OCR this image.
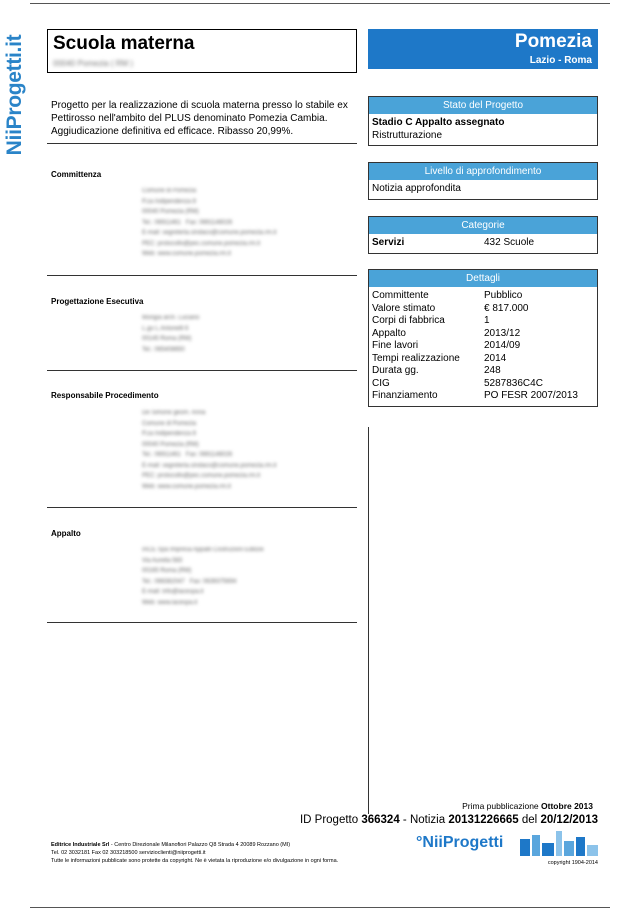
NiiProgetti.it Scuola materna
00040 Pomezia ( RM )
Pomezia
Lazio - Roma
Progetto per la realizzazione di scuola materna presso lo stabile ex Pettirosso nell'ambito del PLUS denominato Pomezia Cambia. Aggiudicazione definitiva ed efficace. Ribasso 20,99%.
Committenza
Comune di Pomezia
P.za Indipendenza 8
00040 Pomezia (RM)
Tel.: 06911461   Fax: 0691146026
E-mail: segreteria.sindaco@comune.pomezia.rm.it
PEC: protocollo@pec.comune.pomezia.rm.it
Web: www.comune.pomezia.rm.it
Progettazione Esecutiva
Mongia arch. Luciano
L.go L.Antonelli 6
00145 Roma (RM)
Tel.: 065408650
Responsabile Procedimento
De Simone geom. Anna
Comune di Pomezia
P.za Indipendenza 8
00040 Pomezia (RM)
Tel.: 06911461   Fax: 0691146026
E-mail: segreteria.sindaco@comune.pomezia.rm.it
PEC: protocollo@pec.comune.pomezia.rm.it
Web: www.comune.pomezia.rm.it
Appalto
IACE Spa Impresa Appalti Costruzioni Edilizie
Via Aurelia 583
00165 Roma (RM)
Tel.: 066382047   Fax: 0639375694
E-mail: info@iacespa.it
Web: www.iacespa.it
Stato del Progetto
Stadio C Appalto assegnato
Ristrutturazione
Livello di approfondimento
Notizia approfondita
Categorie
Servizi	432 Scuole
Dettagli
Committente	Pubblico
Valore stimato	€ 817.000
Corpi di fabbrica	1
Appalto	2013/12
Fine lavori	2014/09
Tempi realizzazione	2014
Durata gg.	248
CIG	5287836C4C
Finanziamento	PO FESR 2007/2013
Prima pubblicazione Ottobre 2013
ID Progetto 366324 - Notizia 20131226665 del 20/12/2013
Editrice Industriale Srl - Centro Direzionale Milanofiori Palazzo Q8 Strada 4 20089 Rozzano (MI)
Tel. 02 3032181 Fax 02 303218500 servizioclienti@niiprogetti.it
Tutte le informazioni pubblicate sono protette da copyright. Ne è vietata la riproduzione e/o divulgazione in ogni forma.
°NiiProgetti
copyright 1904-2014
